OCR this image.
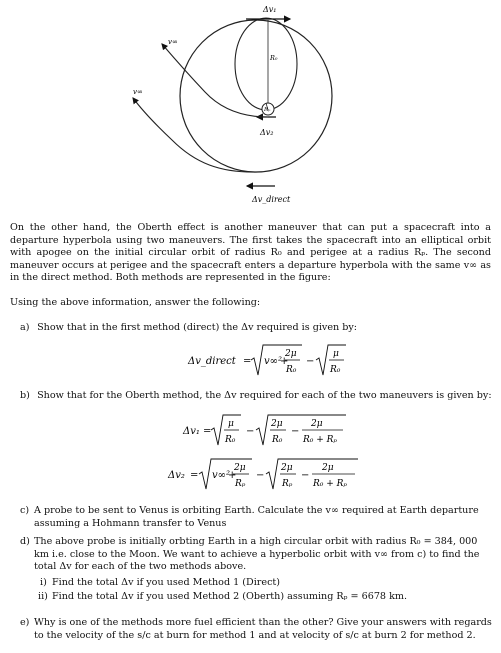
Δv₁
R₀
Rₚ
Δv₂
v∞
v∞
Δv_direct

On the other hand, the Oberth effect is another maneuver that can put a spacecraft into a departure hyperbola using two maneuvers. The first takes the spacecraft into an elliptical orbit with apogee on the initial circular orbit of radius R₀ and perigee at a radius Rₚ. The second maneuver occurs at perigee and the spacecraft enters a departure hyperbola with the same v∞ as in the direct method. Both methods are represented in the figure:

Using the above information, answer the following:

a) Show that in the first method (direct) the Δv required is given by:
Δv_direct = v∞²
+
2μ
R₀
−
μ
R₀
b) Show that for the Oberth method, the Δv required for each of the two maneuvers is given by:
Δv₁ =
μ
R₀
−
2μ
R₀
−
2μ
R₀ + Rₚ
Δv₂ = v∞²
+
2μ
Rₚ
−
2μ
Rₚ
−
2μ
R₀ + Rₚ
c) A probe to be sent to Venus is orbiting Earth. Calculate the v∞ required at Earth departure
assuming a Hohmann transfer to Venus
d) The above probe is initially orbting Earth in a high circular orbit with radius R₀ = 384, 000
km i.e. close to the Moon. We want to achieve a hyperbolic orbit with v∞ from c) to find the
total Δv for each of the two methods above.
i) Find the total Δv if you used Method 1 (Direct)
ii) Find the total Δv if you used Method 2 (Oberth) assuming Rₚ = 6678 km.
e) Why is one of the methods more fuel efficient than the other? Give your answers with regards
to the velocity of the s/c at burn for method 1 and at velocity of s/c at burn 2 for method 2.
